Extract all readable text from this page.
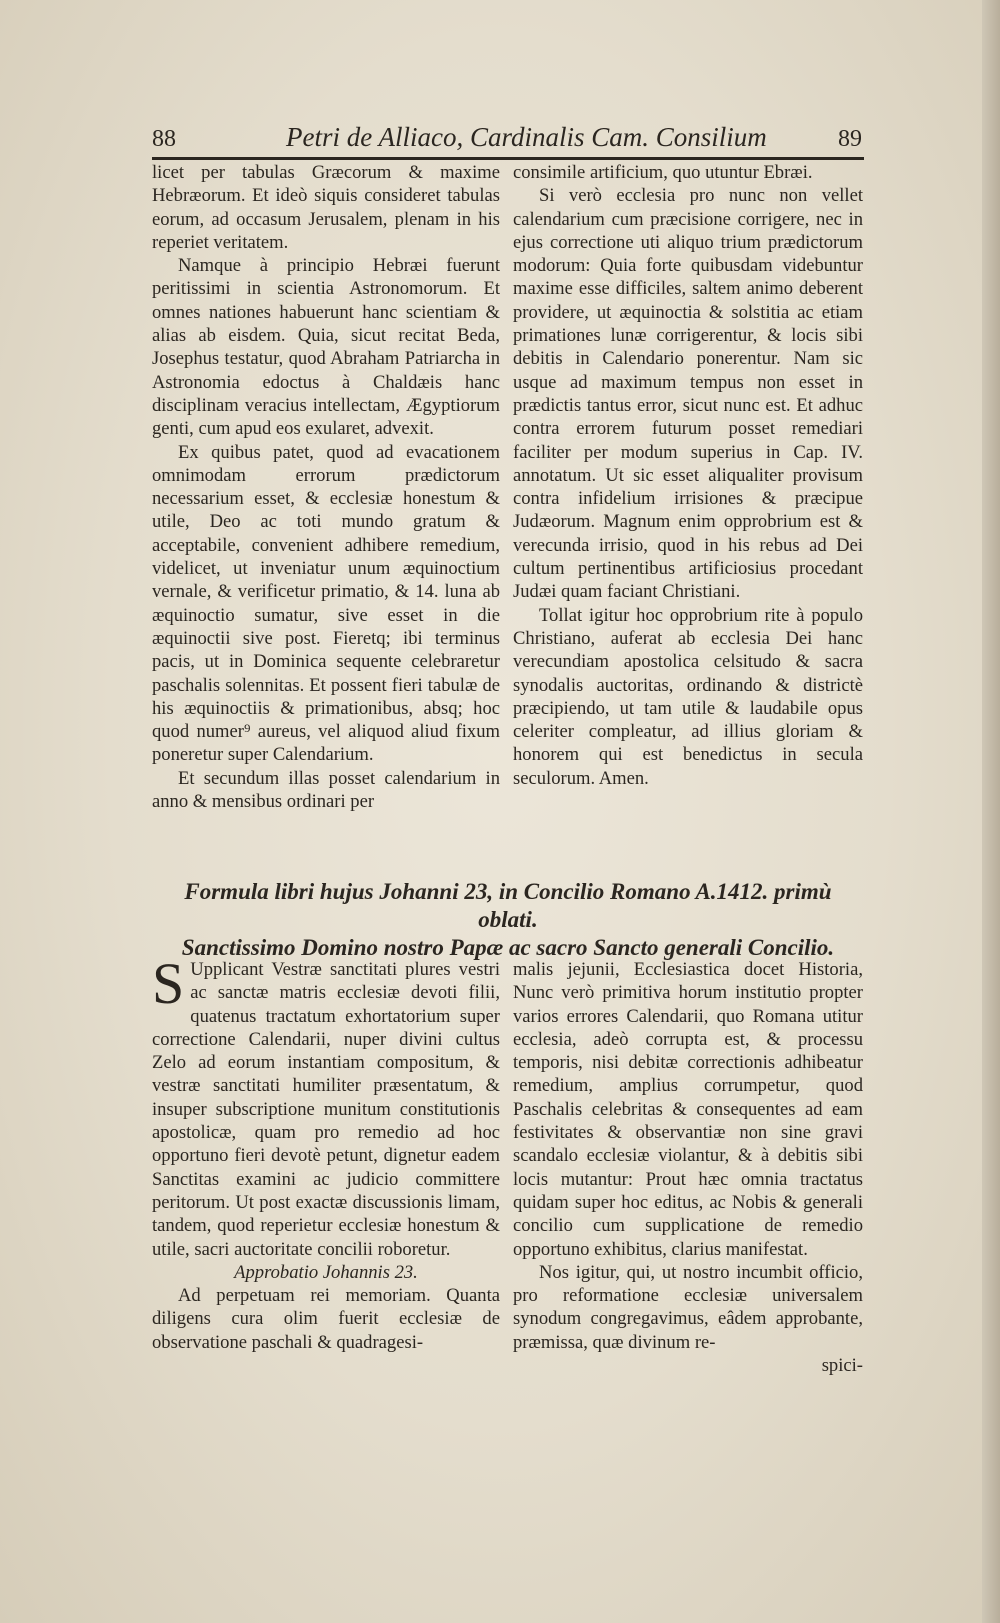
88	Petri de Alliaco, Cardinalis Cam. Consilium	89

licet per tabulas Græcorum & maxime Hebræorum. Et ideò siquis consideret tabulas eorum, ad occasum Jerusalem, plenam in his reperiet veritatem.

Namque à principio Hebræi fuerunt peritissimi in scientia Astronomorum. Et omnes nationes habuerunt hanc scientiam & alias ab eisdem. Quia, sicut recitat Beda, Josephus testatur, quod Abraham Patriarcha in Astronomia edoctus à Chaldæis hanc disciplinam veracius intellectam, Ægyptiorum genti, cum apud eos exularet, advexit.

Ex quibus patet, quod ad evacationem omnimodam errorum prædictorum necessarium esset, & ecclesiæ honestum & utile, Deo ac toti mundo gratum & acceptabile, convenient adhibere remedium, videlicet, ut inveniatur unum æquinoctium vernale, & verificetur primatio, & 14. luna ab æquinoctio sumatur, sive esset in die æquinoctii sive post. Fieretq; ibi terminus pacis, ut in Dominica sequente celebraretur paschalis solennitas. Et possent fieri tabulæ de his æquinoctiis & primationibus, absq; hoc quod numer⁹ aureus, vel aliquod aliud fixum poneretur super Calendarium.

Et secundum illas posset calendarium in anno & mensibus ordinari per

consimile artificium, quo utuntur Ebræi.

Si verò ecclesia pro nunc non vellet calendarium cum præcisione corrigere, nec in ejus correctione uti aliquo trium prædictorum modorum: Quia forte quibusdam videbuntur maxime esse difficiles, saltem animo deberent providere, ut æquinoctia & solstitia ac etiam primationes lunæ corrigerentur, & locis sibi debitis in Calendario ponerentur. Nam sic usque ad maximum tempus non esset in prædictis tantus error, sicut nunc est. Et adhuc contra errorem futurum posset remediari faciliter per modum superius in Cap. IV. annotatum. Ut sic esset aliqualiter provisum contra infidelium irrisiones & præcipue Judæorum. Magnum enim opprobrium est & verecunda irrisio, quod in his rebus ad Dei cultum pertinentibus artificiosius procedant Judæi quam faciant Christiani.

Tollat igitur hoc opprobrium rite à populo Christiano, auferat ab ecclesia Dei hanc verecundiam apostolica celsitudo & sacra synodalis auctoritas, ordinando & districtè præcipiendo, ut tam utile & laudabile opus celeriter compleatur, ad illius gloriam & honorem qui est benedictus in secula seculorum. Amen.

Formula libri hujus Johanni 23, in Concilio Romano A.1412. primù oblati.
Sanctissimo Domino nostro Papæ ac sacro Sancto generali Concilio.

S Upplicant Vestræ sanctitati plures vestri ac sanctæ matris ecclesiæ devoti filii, quatenus tractatum exhortatorium super correctione Calendarii, nuper divini cultus Zelo ad eorum instantiam compositum, & vestræ sanctitati humiliter præsentatum, & insuper subscriptione munitum constitutionis apostolicæ, quam pro remedio ad hoc opportuno fieri devotè petunt, dignetur eadem Sanctitas examini ac judicio committere peritorum. Ut post exactæ discussionis limam, tandem, quod reperietur ecclesiæ honestum & utile, sacri auctoritate concilii roboretur.

Approbatio Johannis 23.

Ad perpetuam rei memoriam. Quanta diligens cura olim fuerit ecclesiæ de observatione paschali & quadragesi-

malis jejunii, Ecclesiastica docet Historia, Nunc verò primitiva horum institutio propter varios errores Calendarii, quo Romana utitur ecclesia, adeò corrupta est, & processu temporis, nisi debitæ correctionis adhibeatur remedium, amplius corrumpetur, quod Paschalis celebritas & consequentes ad eam festivitates & observantiæ non sine gravi scandalo ecclesiæ violantur, & à debitis sibi locis mutantur: Prout hæc omnia tractatus quidam super hoc editus, ac Nobis & generali concilio cum supplicatione de remedio opportuno exhibitus, clarius manifestat.

Nos igitur, qui, ut nostro incumbit officio, pro reformatione ecclesiæ universalem synodum congregavimus, eâdem approbante, præmissa, quæ divinum re-

spici-
